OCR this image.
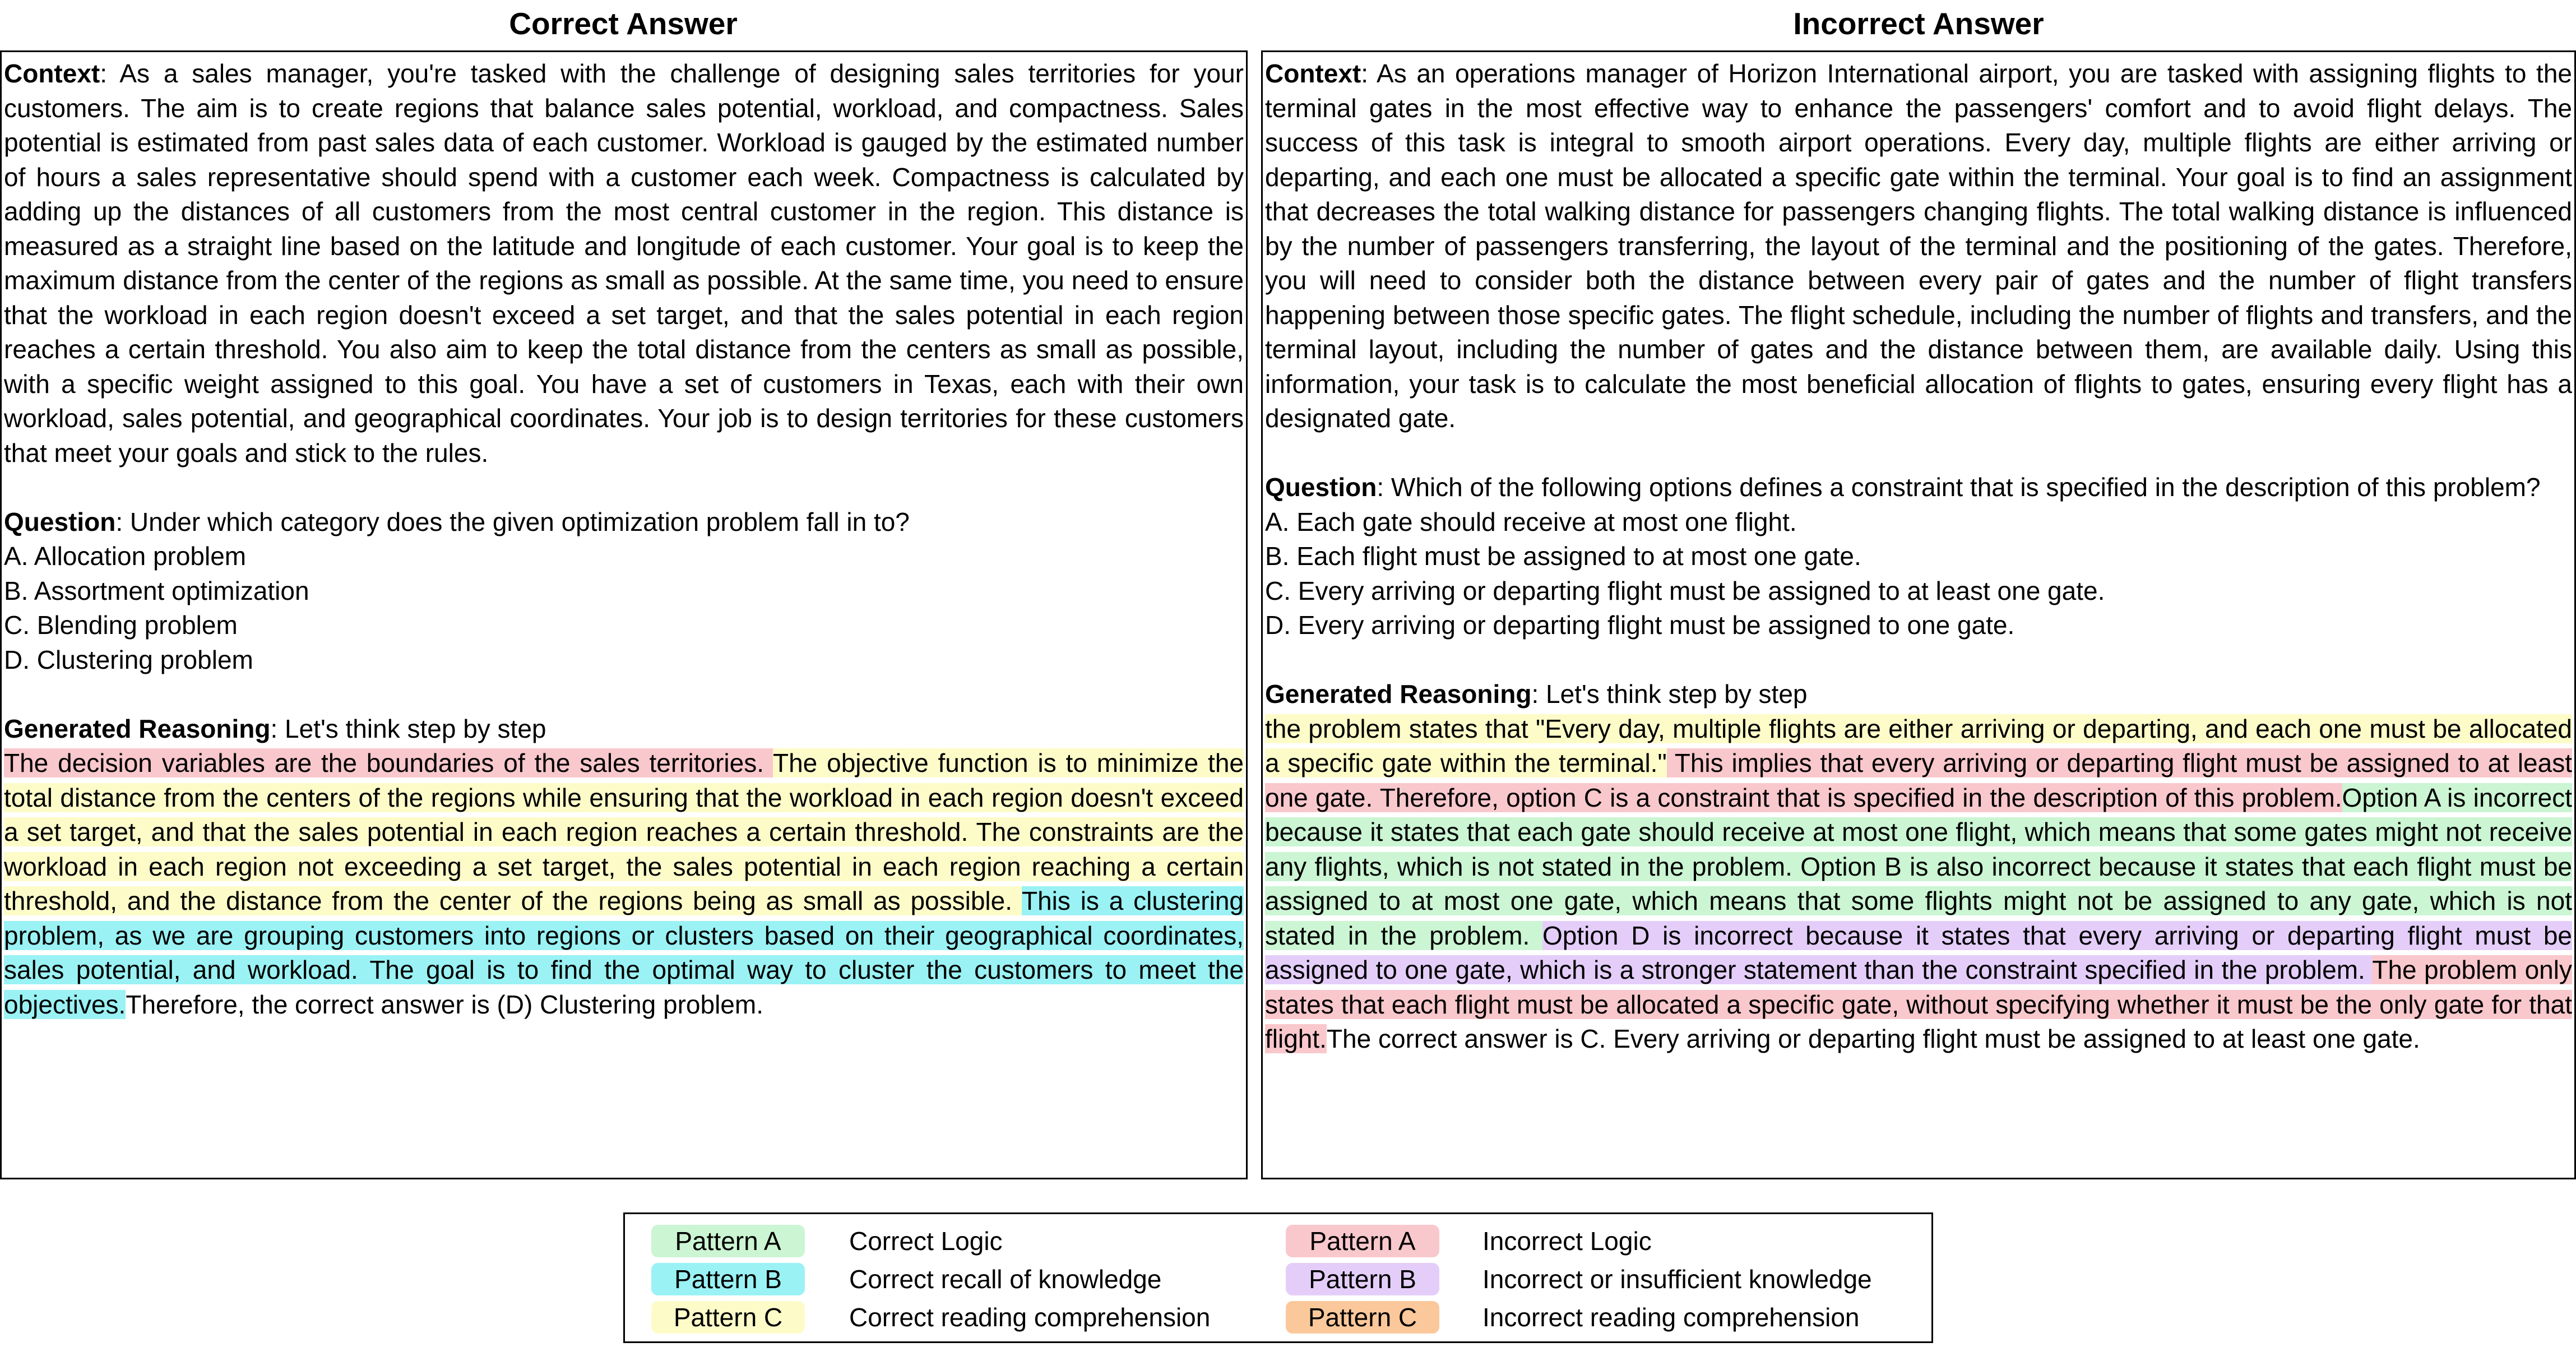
Correct Answer	Incorrect Answer

Context: As a sales manager, you're tasked with the challenge of designing sales territories for your customers. The aim is to create regions that balance sales potential, workload, and compactness. Sales potential is estimated from past sales data of each customer. Workload is gauged by the estimated number of hours a sales representative should spend with a customer each week. Compactness is calculated by adding up the distances of all customers from the most central customer in the region. This distance is measured as a straight line based on the latitude and longitude of each customer. Your goal is to keep the maximum distance from the center of the regions as small as possible. At the same time, you need to ensure that the workload in each region doesn't exceed a set target, and that the sales potential in each region reaches a certain threshold. You also aim to keep the total distance from the centers as small as possible, with a specific weight assigned to this goal. You have a set of customers in Texas, each with their own workload, sales potential, and geographical coordinates. Your job is to design territories for these customers that meet your goals and stick to the rules.

Question: Under which category does the given optimization problem fall in to?

A. Allocation problem
B. Assortment optimization
C. Blending problem
D. Clustering problem
Generated Reasoning: Let's think step by step

The decision variables are the boundaries of the sales territories. The objective function is to minimize the total distance from the centers of the regions while ensuring that the workload in each region doesn't exceed a set target, and that the sales potential in each region reaches a certain threshold. The constraints are the workload in each region not exceeding a set target, the sales potential in each region reaching a certain threshold, and the distance from the center of the regions being as small as possible. This is a clustering problem, as we are grouping customers into regions or clusters based on their geographical coordinates, sales potential, and workload. The goal is to find the optimal way to cluster the customers to meet the objectives.Therefore, the correct answer is (D) Clustering problem.

Context: As an operations manager of Horizon International airport, you are tasked with assigning flights to the terminal gates in the most effective way to enhance the passengers' comfort and to avoid flight delays. The success of this task is integral to smooth airport operations. Every day, multiple flights are either arriving or departing, and each one must be allocated a specific gate within the terminal. Your goal is to find an assignment that decreases the total walking distance for passengers changing flights. The total walking distance is influenced by the number of passengers transferring, the layout of the terminal and the positioning of the gates. Therefore, you will need to consider both the distance between every pair of gates and the number of flight transfers happening between those specific gates. The flight schedule, including the number of flights and transfers, and the terminal layout, including the number of gates and the distance between them, are available daily. Using this information, your task is to calculate the most beneficial allocation of flights to gates, ensuring every flight has a designated gate.

Question: Which of the following options defines a constraint that is specified in the description of this problem?

A. Each gate should receive at most one flight.
B. Each flight must be assigned to at most one gate.
C. Every arriving or departing flight must be assigned to at least one gate.
D. Every arriving or departing flight must be assigned to one gate.
Generated Reasoning: Let's think step by step

the problem states that "Every day, multiple flights are either arriving or departing, and each one must be allocated a specific gate within the terminal." This implies that every arriving or departing flight must be assigned to at least one gate. Therefore, option C is a constraint that is specified in the description of this problem.Option A is incorrect because it states that each gate should receive at most one flight, which means that some gates might not receive any flights, which is not stated in the problem. Option B is also incorrect because it states that each flight must be assigned to at most one gate, which means that some flights might not be assigned to any gate, which is not stated in the problem. Option D is incorrect because it states that every arriving or departing flight must be assigned to one gate, which is a stronger statement than the constraint specified in the problem. The problem only states that each flight must be allocated a specific gate, without specifying whether it must be the only gate for that flight.The correct answer is C. Every arriving or departing flight must be assigned to at least one gate.

Pattern A	Correct Logic
Pattern B	Correct recall of knowledge
Pattern C	Correct reading comprehension
Pattern A	Incorrect Logic
Pattern B	Incorrect or insufficient knowledge
Pattern C	Incorrect reading comprehension
